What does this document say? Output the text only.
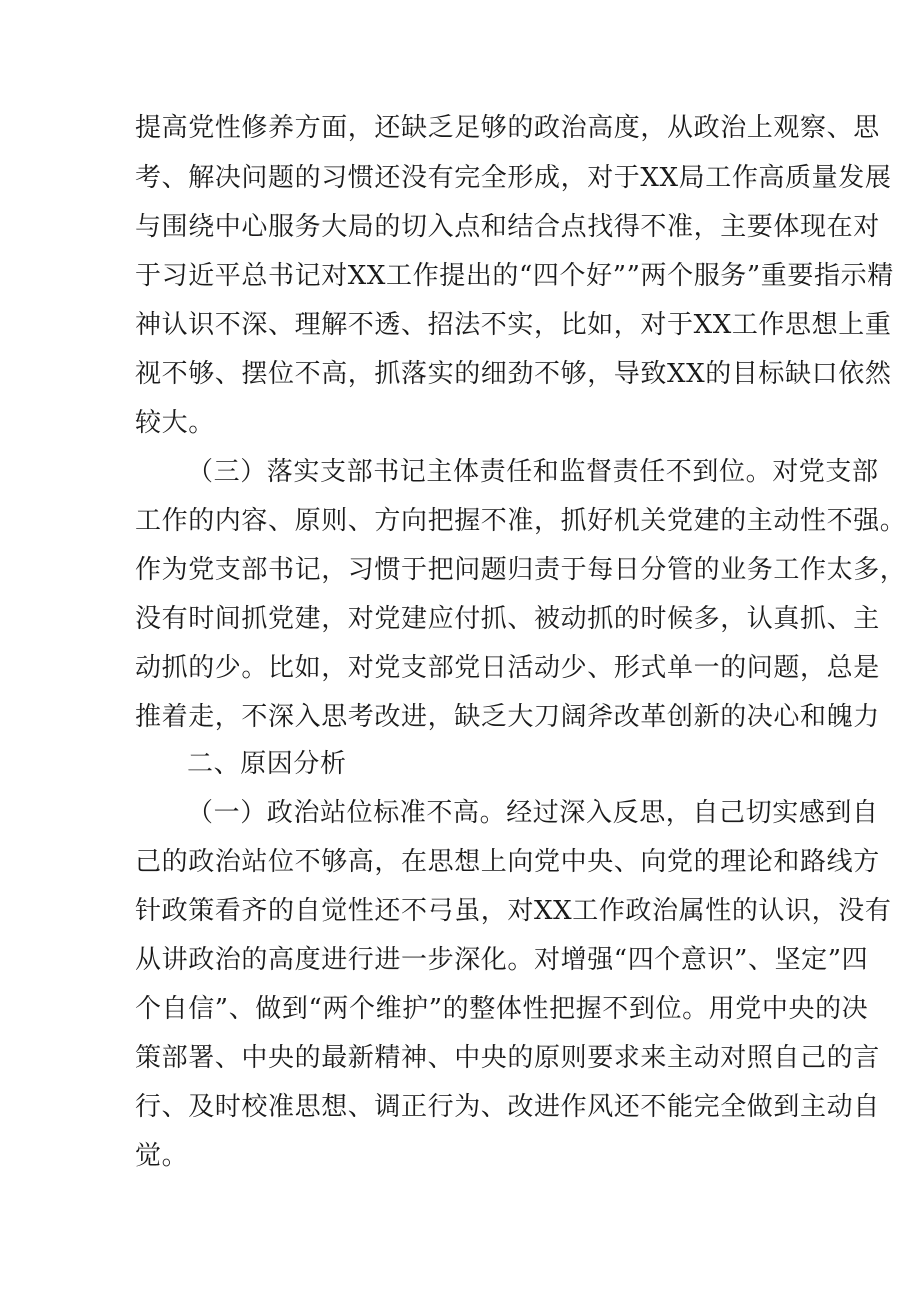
提高党性修养方面，还缺乏足够的政治高度，从政治上观察、思
考、解决问题的习惯还没有完全形成，对于XX局工作高质量发展
与围绕中心服务大局的切入点和结合点找得不准，主要体现在对
于习近平总书记对XX工作提出的“四个好””两个服务”重要指示精
神认识不深、理解不透、招法不实，比如，对于XX工作思想上重
视不够、摆位不高，抓落实的细劲不够，导致XX的目标缺口依然
较大。
（三）落实支部书记主体责任和监督责任不到位。对党支部
工作的内容、原则、方向把握不准，抓好机关党建的主动性不强。
作为党支部书记，习惯于把问题归责于每日分管的业务工作太多，
没有时间抓党建，对党建应付抓、被动抓的时候多，认真抓、主
动抓的少。比如，对党支部党日活动少、形式单一的问题，总是
推着走，不深入思考改进，缺乏大刀阔斧改革创新的决心和魄力
二、原因分析
（一）政治站位标准不高。经过深入反思，自己切实感到自
己的政治站位不够高，在思想上向党中央、向党的理论和路线方
针政策看齐的自觉性还不弓虽，对XX工作政治属性的认识，没有
从讲政治的高度进行进一步深化。对增强“四个意识”、坚定”四
个自信”、做到“两个维护”的整体性把握不到位。用党中央的决
策部署、中央的最新精神、中央的原则要求来主动对照自己的言
行、及时校准思想、调正行为、改进作风还不能完全做到主动自
觉。
